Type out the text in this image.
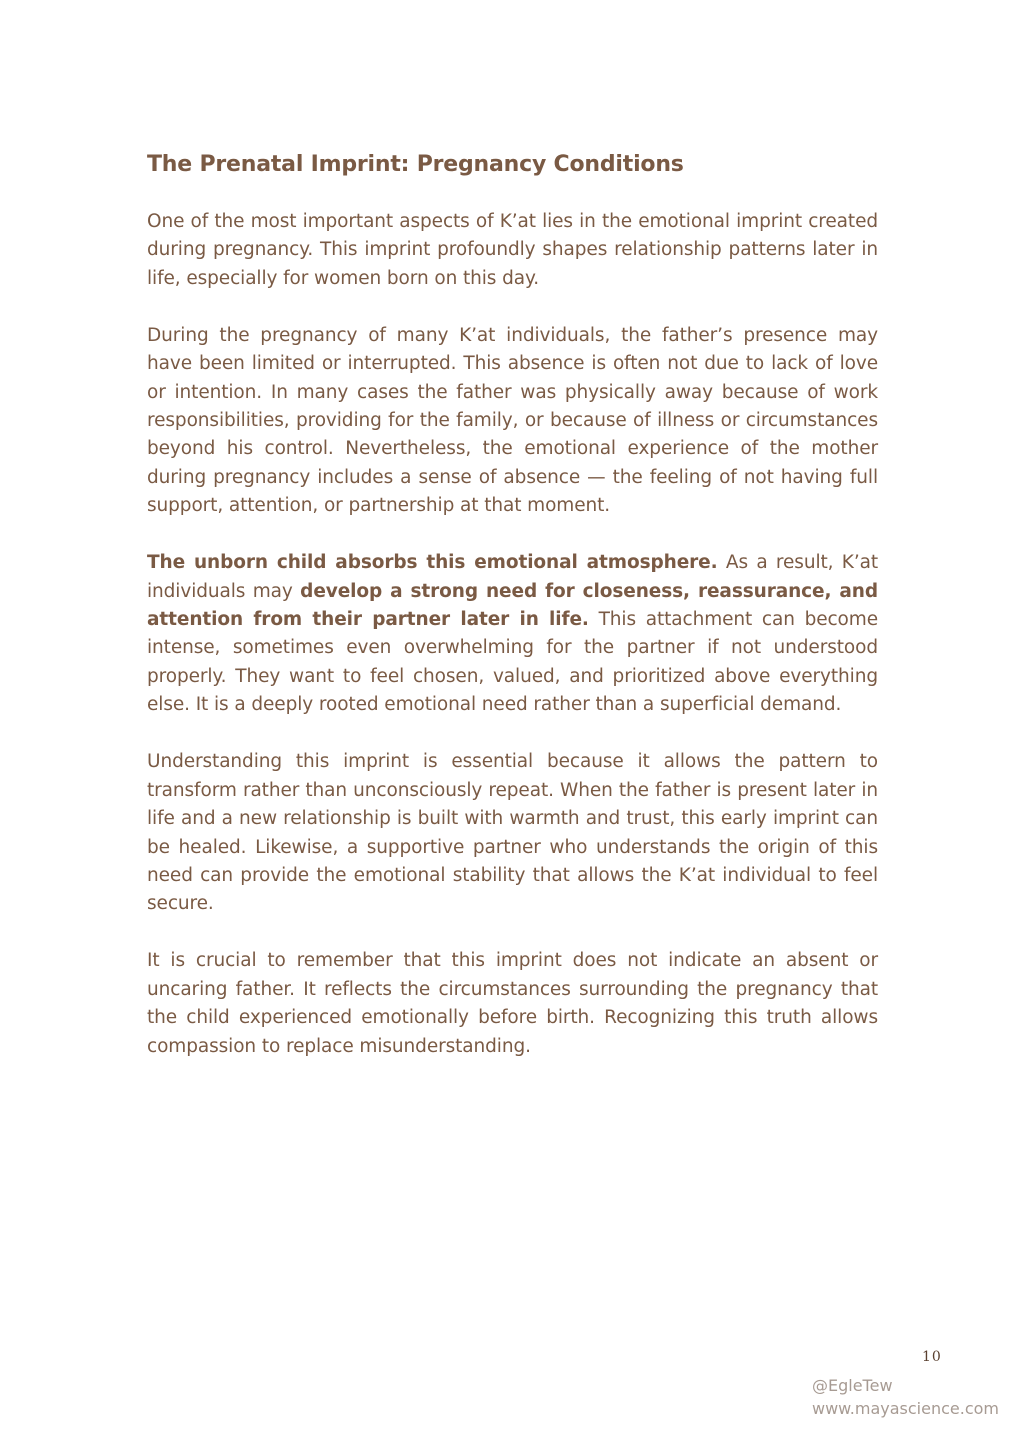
The Prenatal Imprint: Pregnancy Conditions

One of the most important aspects of K’at lies in the emotional imprint created during pregnancy. This imprint profoundly shapes relationship patterns later in life, especially for women born on this day.

During the pregnancy of many K’at individuals, the father’s presence may have been limited or interrupted. This absence is often not due to lack of love or intention. In many cases the father was physically away because of work responsibilities, providing for the family, or because of illness or circumstances beyond his control. Nevertheless, the emotional experience of the mother during pregnancy includes a sense of absence — the feeling of not having full support, attention, or partnership at that moment.

The unborn child absorbs this emotional atmosphere. As a result, K’at individuals may develop a strong need for closeness, reassurance, and attention from their partner later in life. This attachment can become intense, sometimes even overwhelming for the partner if not understood properly. They want to feel chosen, valued, and prioritized above everything else. It is a deeply rooted emotional need rather than a superficial demand.

Understanding this imprint is essential because it allows the pattern to transform rather than unconsciously repeat. When the father is present later in life and a new relationship is built with warmth and trust, this early imprint can be healed. Likewise, a supportive partner who understands the origin of this need can provide the emotional stability that allows the K’at individual to feel secure.

It is crucial to remember that this imprint does not indicate an absent or uncaring father. It reflects the circumstances surrounding the pregnancy that the child experienced emotionally before birth. Recognizing this truth allows compassion to replace misunderstanding.

10
@EgleTew
www.mayascience.com
